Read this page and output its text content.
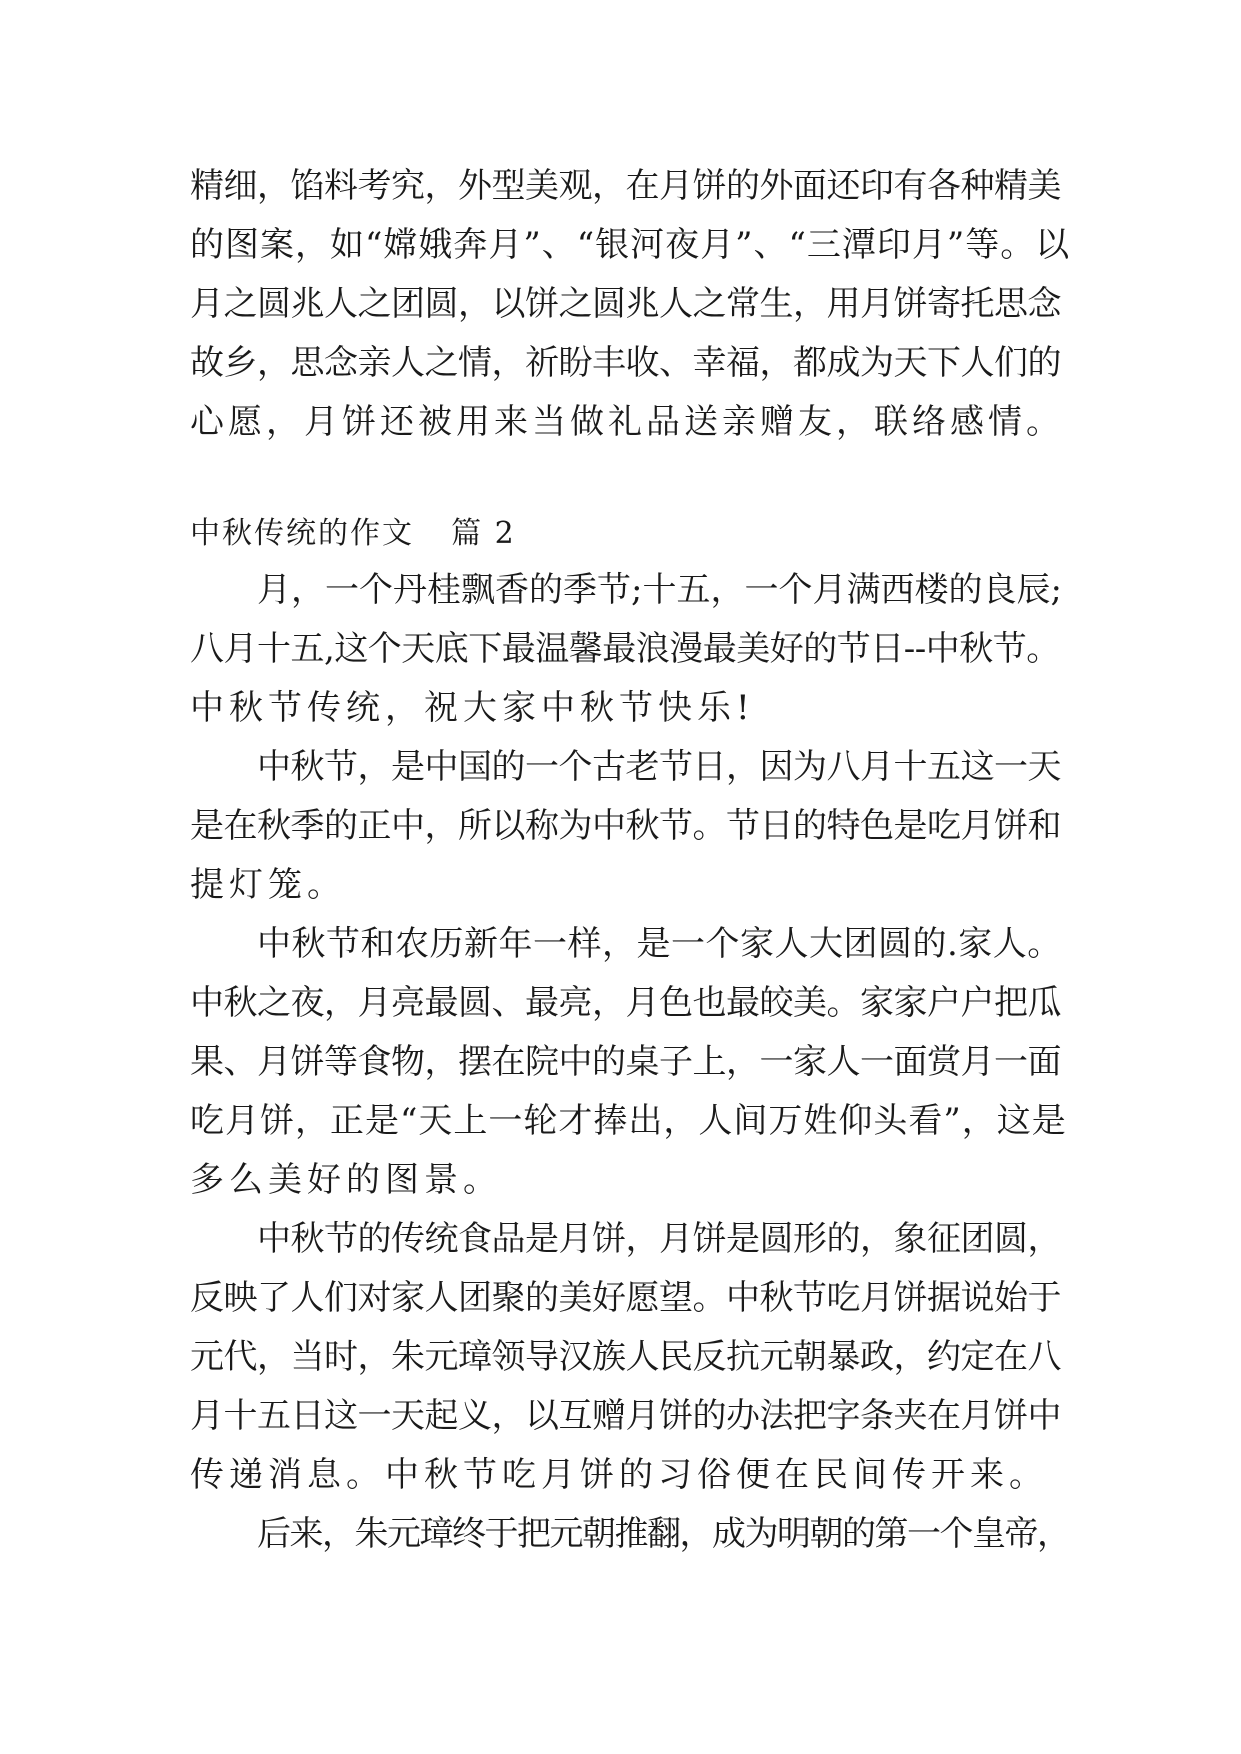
精细，馅料考究，外型美观，在月饼的外面还印有各种精美
的图案，如“嫦娥奔月”、“银河夜月”、“三潭印月”等。以
月之圆兆人之团圆，以饼之圆兆人之常生，用月饼寄托思念
故乡，思念亲人之情，祈盼丰收、幸福，都成为天下人们的
心愿，月饼还被用来当做礼品送亲赠友，联络感情。
中秋传统的作文 篇 2
月，一个丹桂飘香的季节;十五，一个月满西楼的良辰;
八月十五,这个天底下最温馨最浪漫最美好的节日--中秋节。
中秋节传统，祝大家中秋节快乐!
中秋节，是中国的一个古老节日，因为八月十五这一天
是在秋季的正中，所以称为中秋节。节日的特色是吃月饼和
提灯笼。
中秋节和农历新年一样，是一个家人大团圆的.家人。
中秋之夜，月亮最圆、最亮，月色也最皎美。家家户户把瓜
果、月饼等食物，摆在院中的桌子上，一家人一面赏月一面
吃月饼，正是“天上一轮才捧出，人间万姓仰头看”，这是
多么美好的图景。
中秋节的传统食品是月饼，月饼是圆形的，象征团圆，
反映了人们对家人团聚的美好愿望。中秋节吃月饼据说始于
元代，当时，朱元璋领导汉族人民反抗元朝暴政，约定在八
月十五日这一天起义，以互赠月饼的办法把字条夹在月饼中
传递消息。中秋节吃月饼的习俗便在民间传开来。
后来，朱元璋终于把元朝推翻，成为明朝的第一个皇帝，
